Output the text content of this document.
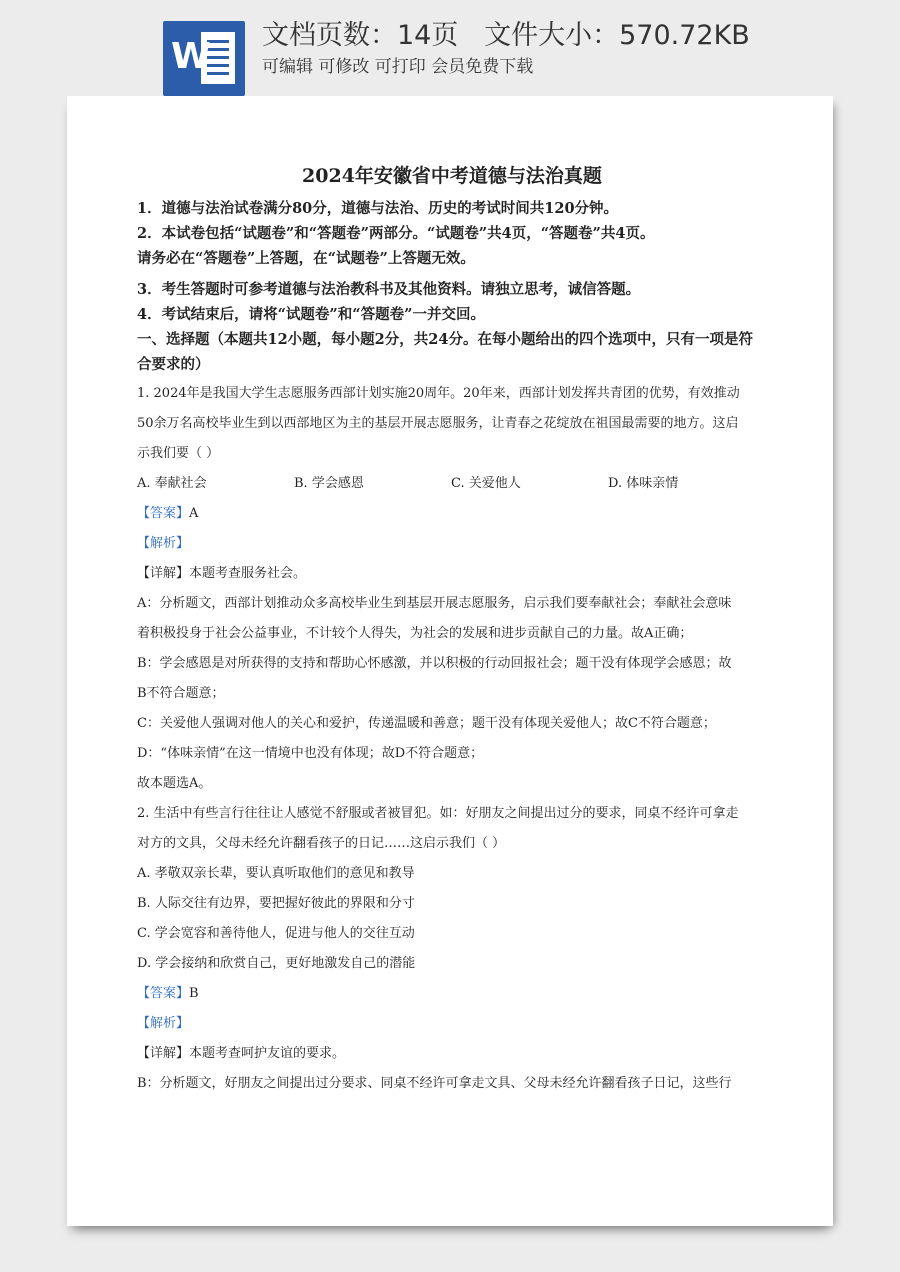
W
文档页数：14页   文件大小：570.72KB
可编辑 可修改 可打印 会员免费下载
2024年安徽省中考道德与法治真题
1．道德与法治试卷满分80分，道德与法治、历史的考试时间共120分钟。
2．本试卷包括“试题卷”和“答题卷”两部分。“试题卷”共4页，“答题卷”共4页。
请务必在“答题卷”上答题，在“试题卷”上答题无效。
3．考生答题时可参考道德与法治教科书及其他资料。请独立思考，诚信答题。
4．考试结束后，请将“试题卷”和“答题卷”一并交回。
一、选择题（本题共12小题，每小题2分，共24分。在每小题给出的四个选项中，只有一项是符合要求的）
1. 2024年是我国大学生志愿服务西部计划实施20周年。20年来，西部计划发挥共青团的优势，有效推动
50余万名高校毕业生到以西部地区为主的基层开展志愿服务，让青春之花绽放在祖国最需要的地方。这启
示我们要（ ）
A. 奉献社会	B. 学会感恩	C. 关爱他人	D. 体味亲情
【答案】A
【解析】
【详解】本题考查服务社会。
A：分析题文，西部计划推动众多高校毕业生到基层开展志愿服务，启示我们要奉献社会；奉献社会意味
着积极投身于社会公益事业，不计较个人得失，为社会的发展和进步贡献自己的力量。故A正确；
B：学会感恩是对所获得的支持和帮助心怀感激，并以积极的行动回报社会；题干没有体现学会感恩；故
B不符合题意；
C：关爱他人强调对他人的关心和爱护，传递温暖和善意；题干没有体现关爱他人；故C不符合题意；
D：“体味亲情”在这一情境中也没有体现；故D不符合题意；
故本题选A。
2. 生活中有些言行往往让人感觉不舒服或者被冒犯。如：好朋友之间提出过分的要求，同桌不经许可拿走
对方的文具，父母未经允许翻看孩子的日记……这启示我们（ ）
A. 孝敬双亲长辈，要认真听取他们的意见和教导
B. 人际交往有边界，要把握好彼此的界限和分寸
C. 学会宽容和善待他人，促进与他人的交往互动
D. 学会接纳和欣赏自己，更好地激发自己的潜能
【答案】B
【解析】
【详解】本题考查呵护友谊的要求。
B：分析题文，好朋友之间提出过分要求、同桌不经许可拿走文具、父母未经允许翻看孩子日记，这些行
